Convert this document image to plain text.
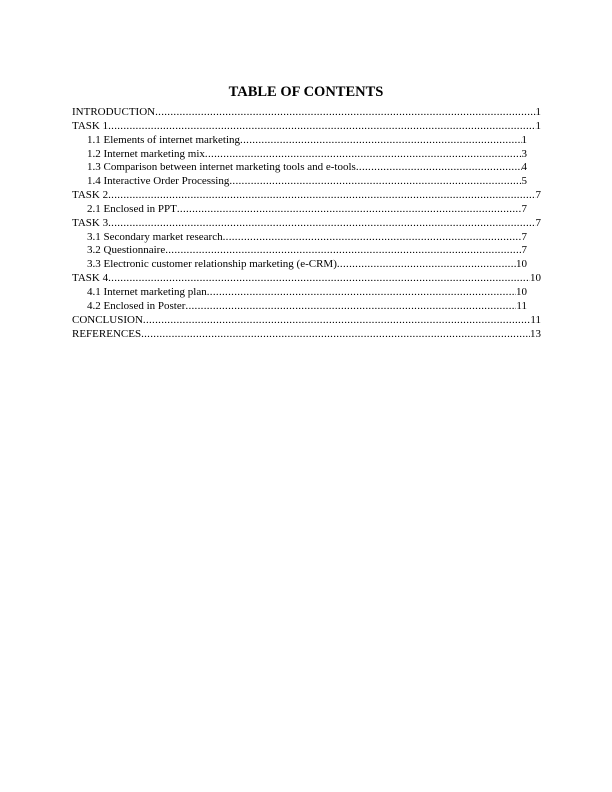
TABLE OF CONTENTS
INTRODUCTION .....	1
TASK 1 .....	1
1.1 Elements of internet marketing .....	1
1.2 Internet marketing mix .....	3
1.3 Comparison between internet marketing tools and e-tools .....	4
1.4 Interactive Order Processing .....	5
TASK 2 .....	7
2.1 Enclosed in PPT .....	7
TASK 3 .....	7
3.1 Secondary market research .....	7
3.2 Questionnaire .....	7
3.3 Electronic customer relationship marketing (e-CRM) .....	10
TASK 4 .....	10
4.1 Internet marketing plan .....	10
4.2 Enclosed in Poster .....	11
CONCLUSION .....	11
REFERENCES .....	13
